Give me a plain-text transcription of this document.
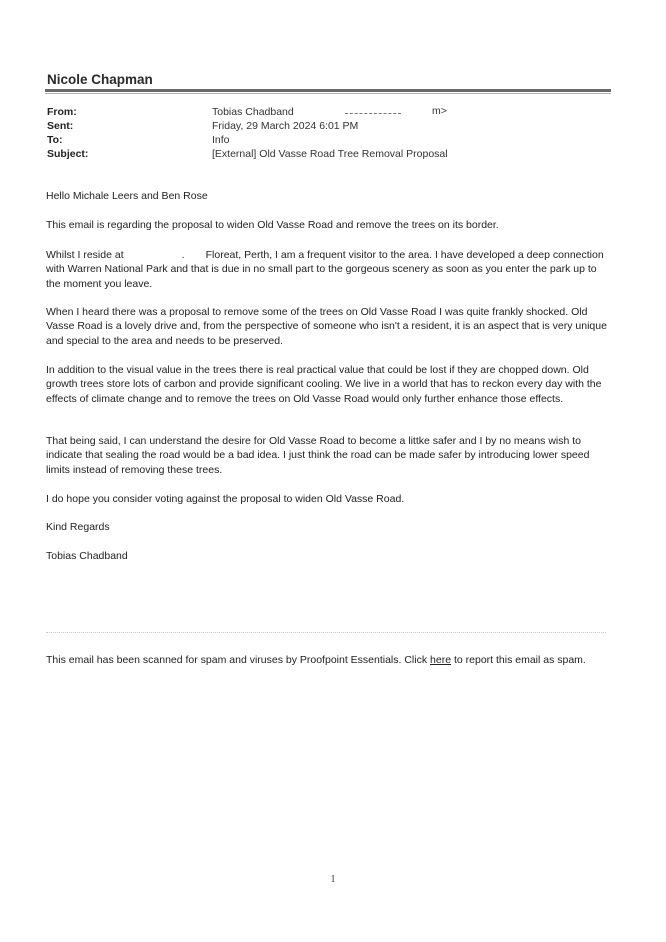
Nicole Chapman
From:	Tobias Chadband	m>
Sent:	Friday, 29 March 2024 6:01 PM
To:	Info
Subject:	[External] Old Vasse Road Tree Removal Proposal

Hello Michale Leers and Ben Rose

This email is regarding the proposal to widen Old Vasse Road and remove the trees on its border.

Whilst I reside at	. Floreat, Perth, I am a frequent visitor to the area. I have developed a deep connection with Warren National Park and that is due in no small part to the gorgeous scenery as soon as you enter the park up to the moment you leave.

When I heard there was a proposal to remove some of the trees on Old Vasse Road I was quite frankly shocked. Old Vasse Road is a lovely drive and, from the perspective of someone who isn't a resident, it is an aspect that is very unique and special to the area and needs to be preserved.

In addition to the visual value in the trees there is real practical value that could be lost if they are chopped down. Old growth trees store lots of carbon and provide significant cooling. We live in a world that has to reckon every day with the effects of climate change and to remove the trees on Old Vasse Road would only further enhance those effects.

That being said, I can understand the desire for Old Vasse Road to become a littke safer and I by no means wish to indicate that sealing the road would be a bad idea. I just think the road can be made safer by introducing lower speed limits instead of removing these trees.

I do hope you consider voting against the proposal to widen Old Vasse Road.

Kind Regards

Tobias Chadband

This email has been scanned for spam and viruses by Proofpoint Essentials. Click here to report this email as spam.
1
